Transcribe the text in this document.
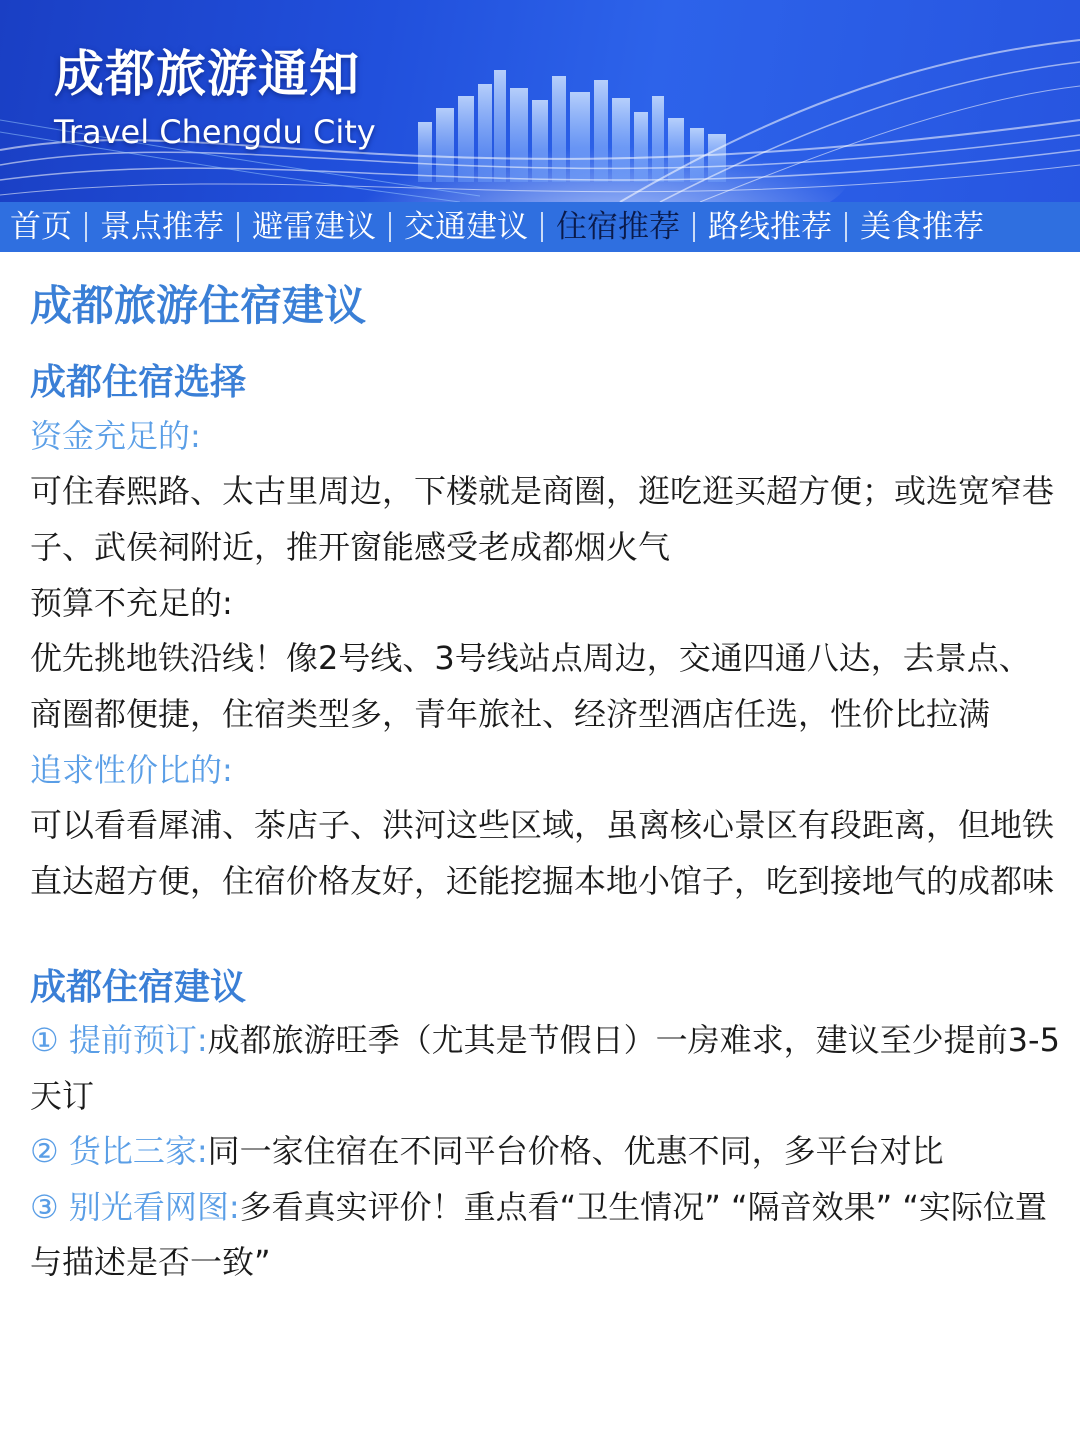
成都旅游通知
Travel Chengdu City
首页 景点推荐 避雷建议 交通建议 住宿推荐 路线推荐 美食推荐
成都旅游住宿建议
成都住宿选择
资金充足的:

可住春熙路、太古里周边，下楼就是商圈，逛吃逛买超方便；或选宽窄巷子、武侯祠附近，推开窗能感受老成都烟火气

预算不充足的:

优先挑地铁沿线！像2号线、3号线站点周边，交通四通八达，去景点、商圈都便捷，住宿类型多，青年旅社、经济型酒店任选，性价比拉满

追求性价比的:

可以看看犀浦、茶店子、洪河这些区域，虽离核心景区有段距离，但地铁直达超方便，住宿价格友好，还能挖掘本地小馆子，吃到接地气的成都味

成都住宿建议

① 提前预订:成都旅游旺季（尤其是节假日）一房难求，建议至少提前3-5天订

② 货比三家:同一家住宿在不同平台价格、优惠不同，多平台对比

③ 别光看网图:多看真实评价！重点看“卫生情况” “隔音效果” “实际位置与描述是否一致”
